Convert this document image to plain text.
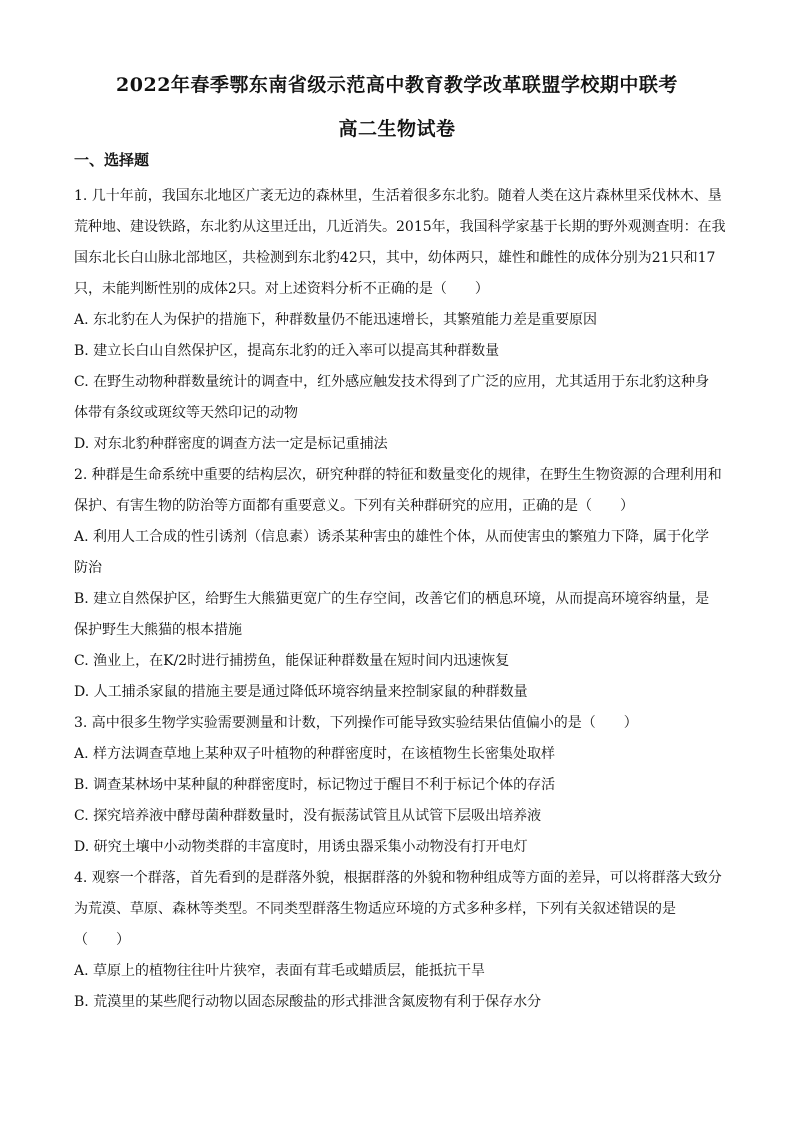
2022年春季鄂东南省级示范高中教育教学改革联盟学校期中联考
高二生物试卷
一、选择题
1. 几十年前，我国东北地区广袤无边的森林里，生活着很多东北豹。随着人类在这片森林里采伐林木、垦
荒种地、建设铁路，东北豹从这里迁出，几近消失。2015年，我国科学家基于长期的野外观测查明：在我
国东北长白山脉北部地区，共检测到东北豹42只，其中，幼体两只，雄性和雌性的成体分别为21只和17
只，未能判断性别的成体2只。对上述资料分析不正确的是（　　）
A. 东北豹在人为保护的措施下，种群数量仍不能迅速增长，其繁殖能力差是重要原因
B. 建立长白山自然保护区，提高东北豹的迁入率可以提高其种群数量
C. 在野生动物种群数量统计的调查中，红外感应触发技术得到了广泛的应用，尤其适用于东北豹这种身
体带有条纹或斑纹等天然印记的动物
D. 对东北豹种群密度的调查方法一定是标记重捕法
2. 种群是生命系统中重要的结构层次，研究种群的特征和数量变化的规律，在野生生物资源的合理利用和
保护、有害生物的防治等方面都有重要意义。下列有关种群研究的应用，正确的是（　　）
A. 利用人工合成的性引诱剂（信息素）诱杀某种害虫的雄性个体，从而使害虫的繁殖力下降，属于化学
防治
B. 建立自然保护区，给野生大熊猫更宽广的生存空间，改善它们的栖息环境，从而提高环境容纳量，是
保护野生大熊猫的根本措施
C. 渔业上，在K/2时进行捕捞鱼，能保证种群数量在短时间内迅速恢复
D. 人工捕杀家鼠的措施主要是通过降低环境容纳量来控制家鼠的种群数量
3. 高中很多生物学实验需要测量和计数，下列操作可能导致实验结果估值偏小的是（　　）
A. 样方法调查草地上某种双子叶植物的种群密度时，在该植物生长密集处取样
B. 调查某林场中某种鼠的种群密度时，标记物过于醒目不利于标记个体的存活
C. 探究培养液中酵母菌种群数量时，没有振荡试管且从试管下层吸出培养液
D. 研究土壤中小动物类群的丰富度时，用诱虫器采集小动物没有打开电灯
4. 观察一个群落，首先看到的是群落外貌，根据群落的外貌和物种组成等方面的差异，可以将群落大致分
为荒漠、草原、森林等类型。不同类型群落生物适应环境的方式多种多样，下列有关叙述错误的是
（　　）
A. 草原上的植物往往叶片狭窄，表面有茸毛或蜡质层，能抵抗干旱
B. 荒漠里的某些爬行动物以固态尿酸盐的形式排泄含氮废物有利于保存水分
